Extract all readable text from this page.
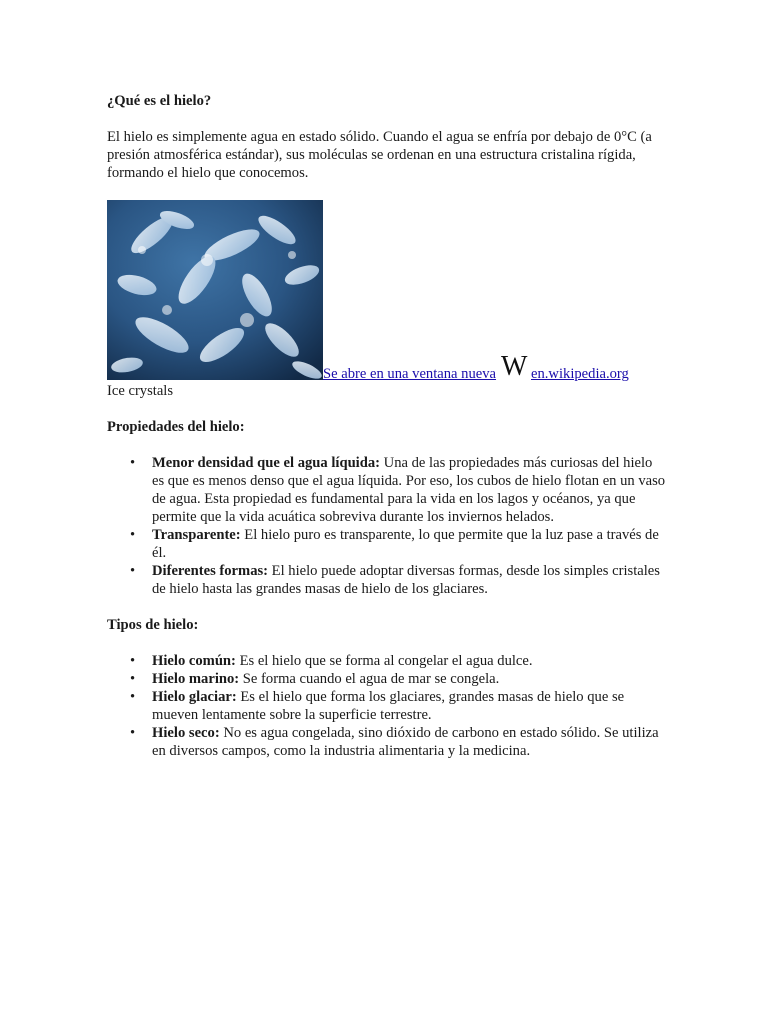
¿Qué es el hielo?

El hielo es simplemente agua en estado sólido. Cuando el agua se enfría por debajo de 0°C (a presión atmosférica estándar), sus moléculas se ordenan en una estructura cristalina rígida, formando el hielo que conocemos.

Se abre en una ventana nueva W en.wikipedia.org

Ice crystals

Propiedades del hielo:

• Menor densidad que el agua líquida: Una de las propiedades más curiosas del hielo es que es menos denso que el agua líquida. Por eso, los cubos de hielo flotan en un vaso de agua. Esta propiedad es fundamental para la vida en los lagos y océanos, ya que permite que la vida acuática sobreviva durante los inviernos helados.
• Transparente: El hielo puro es transparente, lo que permite que la luz pase a través de él.
• Diferentes formas: El hielo puede adoptar diversas formas, desde los simples cristales de hielo hasta las grandes masas de hielo de los glaciares.

Tipos de hielo:

• Hielo común: Es el hielo que se forma al congelar el agua dulce.
• Hielo marino: Se forma cuando el agua de mar se congela.
• Hielo glaciar: Es el hielo que forma los glaciares, grandes masas de hielo que se mueven lentamente sobre la superficie terrestre.
• Hielo seco: No es agua congelada, sino dióxido de carbono en estado sólido. Se utiliza en diversos campos, como la industria alimentaria y la medicina.
